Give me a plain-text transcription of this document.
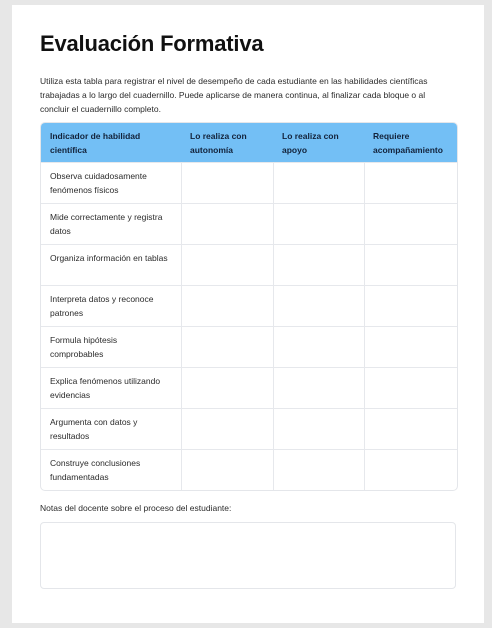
Evaluación Formativa
Utiliza esta tabla para registrar el nivel de desempeño de cada estudiante en las habilidades científicas trabajadas a lo largo del cuadernillo. Puede aplicarse de manera continua, al finalizar cada bloque o al concluir el cuadernillo completo.
Indicador de habilidad científica	Lo realiza con autonomía	Lo realiza con apoyo	Requiere acompañamiento
Observa cuidadosamente fenómenos físicos			
Mide correctamente y registra datos			
Organiza información en tablas			
Interpreta datos y reconoce patrones			
Formula hipótesis comprobables			
Explica fenómenos utilizando evidencias			
Argumenta con datos y resultados			
Construye conclusiones fundamentadas			
Notas del docente sobre el proceso del estudiante:
